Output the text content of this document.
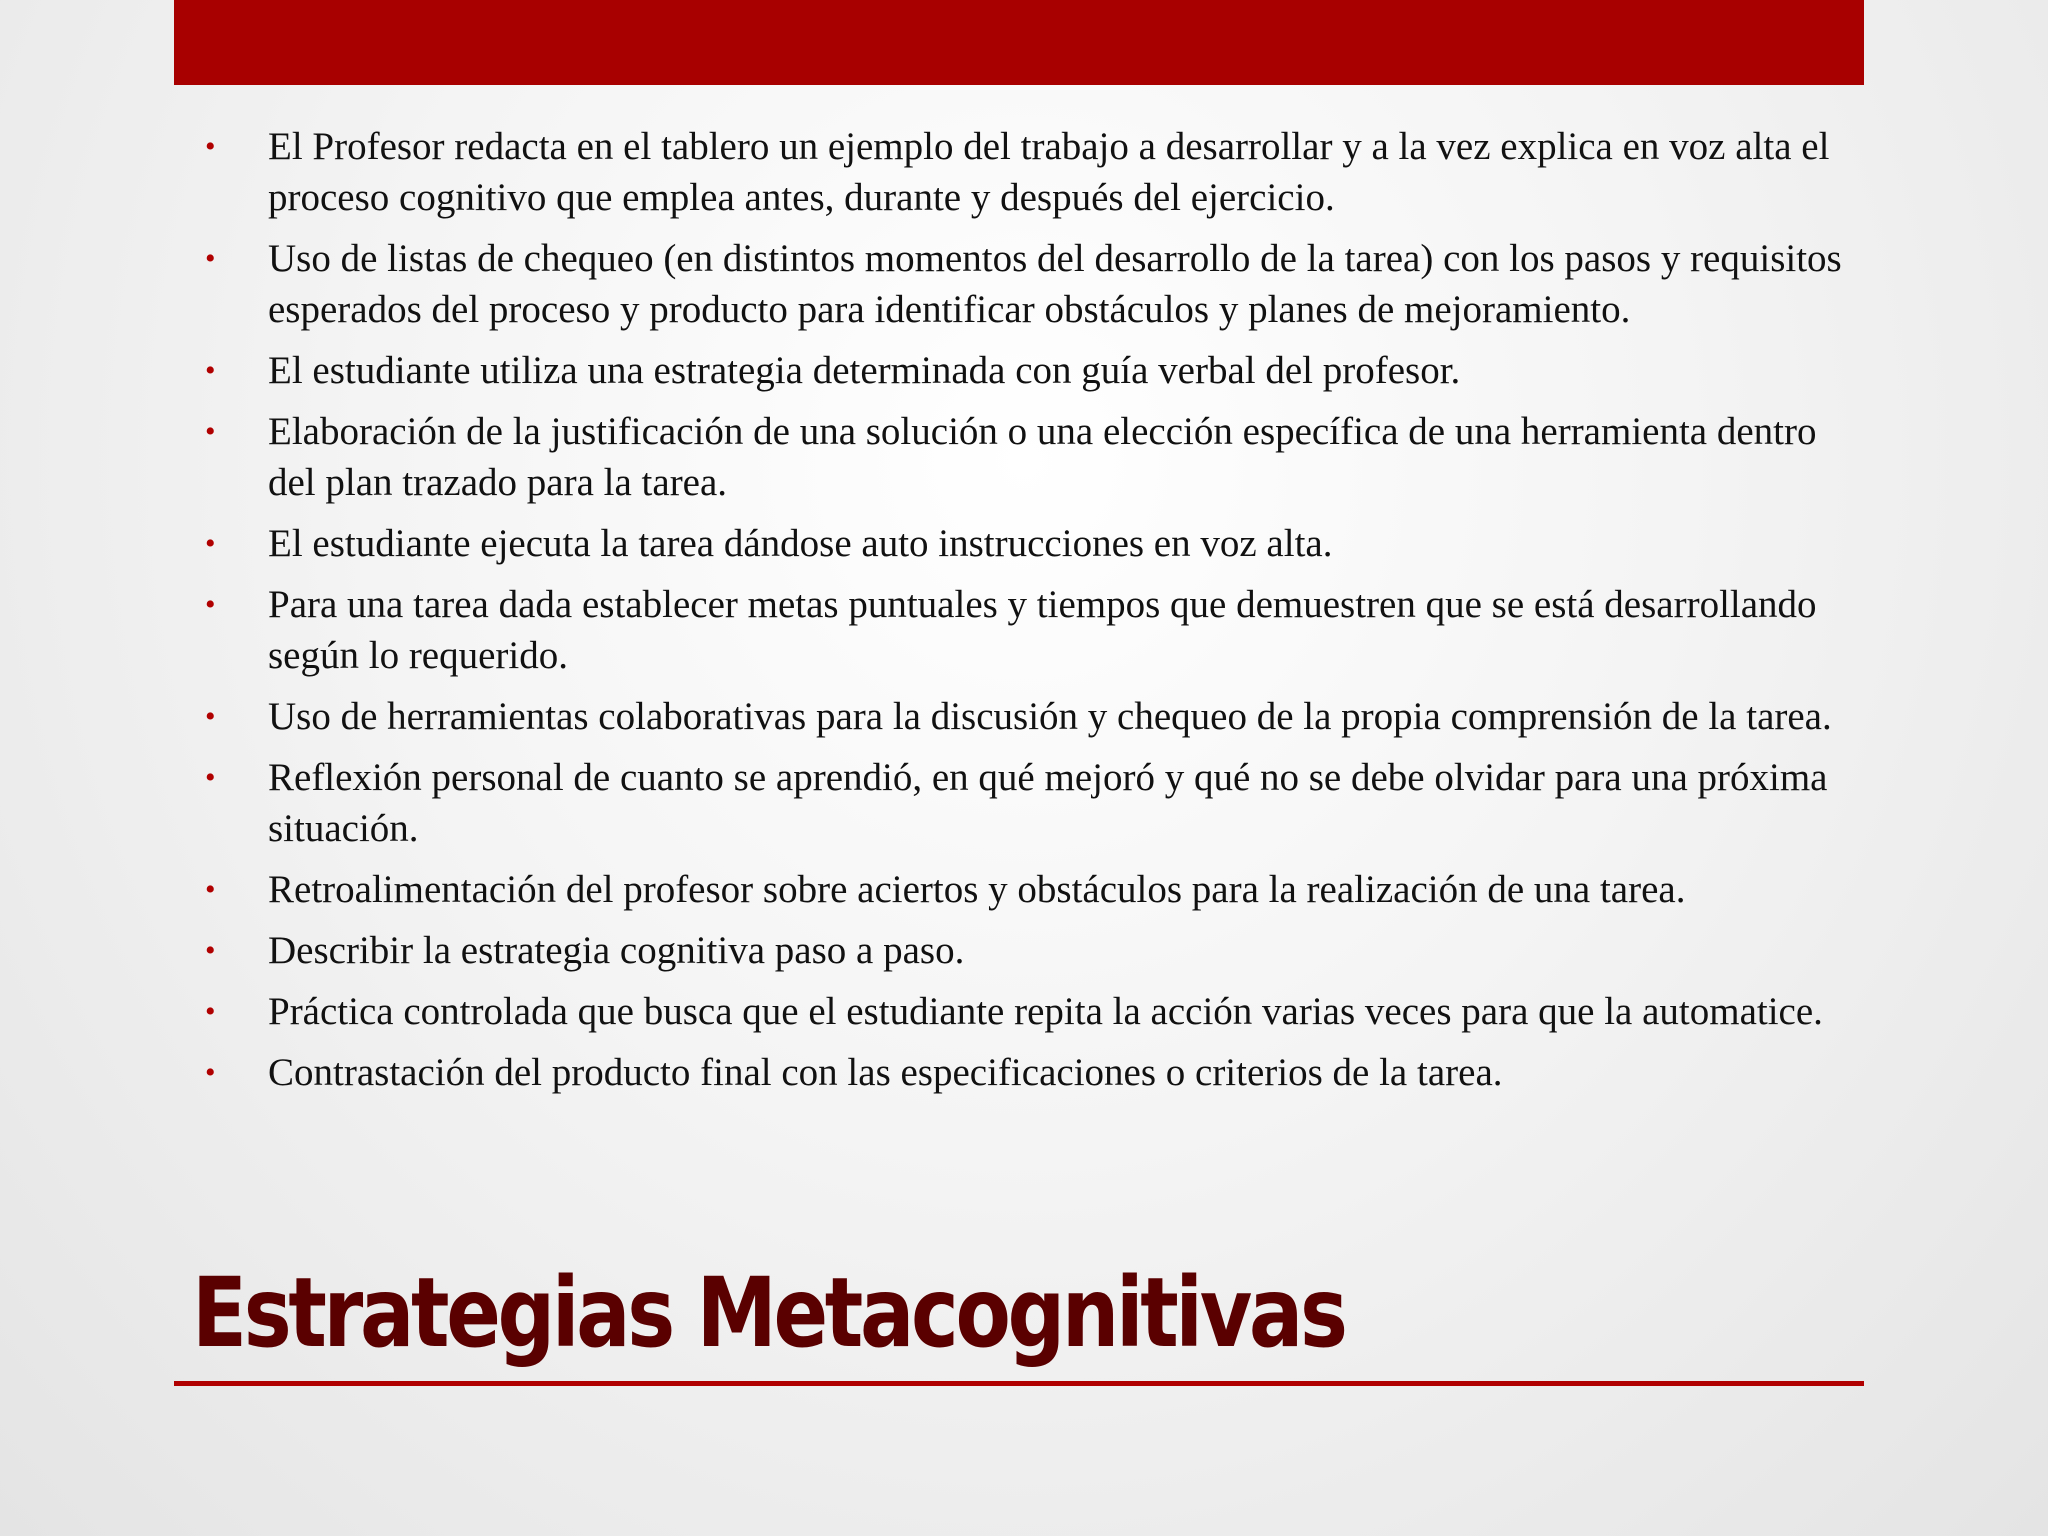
•	El Profesor redacta en el tablero un ejemplo del trabajo a desarrollar y a la vez explica en voz alta el proceso cognitivo que emplea antes, durante y después del ejercicio.
•	Uso de listas de chequeo (en distintos momentos del desarrollo de la tarea) con los pasos y requisitos esperados del proceso y producto para identificar obstáculos y planes de mejoramiento.
•	El estudiante utiliza una estrategia determinada con guía verbal del profesor.
•	Elaboración de la justificación de una solución o una elección específica de una herramienta dentro del plan trazado para la tarea.
•	El estudiante ejecuta la tarea dándose auto instrucciones en voz alta.
•	Para una tarea dada establecer metas puntuales y tiempos que demuestren que se está desarrollando según lo requerido.
•	Uso de herramientas colaborativas para la discusión y chequeo de la propia comprensión de la tarea.
•	Reflexión personal de cuanto se aprendió, en qué mejoró y qué no se debe olvidar para una próxima situación.
•	Retroalimentación del profesor sobre aciertos y obstáculos para la realización de una tarea.
•	Describir la estrategia cognitiva paso a paso.
•	Práctica controlada que busca que el estudiante repita la acción varias veces para que la automatice.
•	Contrastación del producto final con las especificaciones o criterios de la tarea.
Estrategias Metacognitivas
